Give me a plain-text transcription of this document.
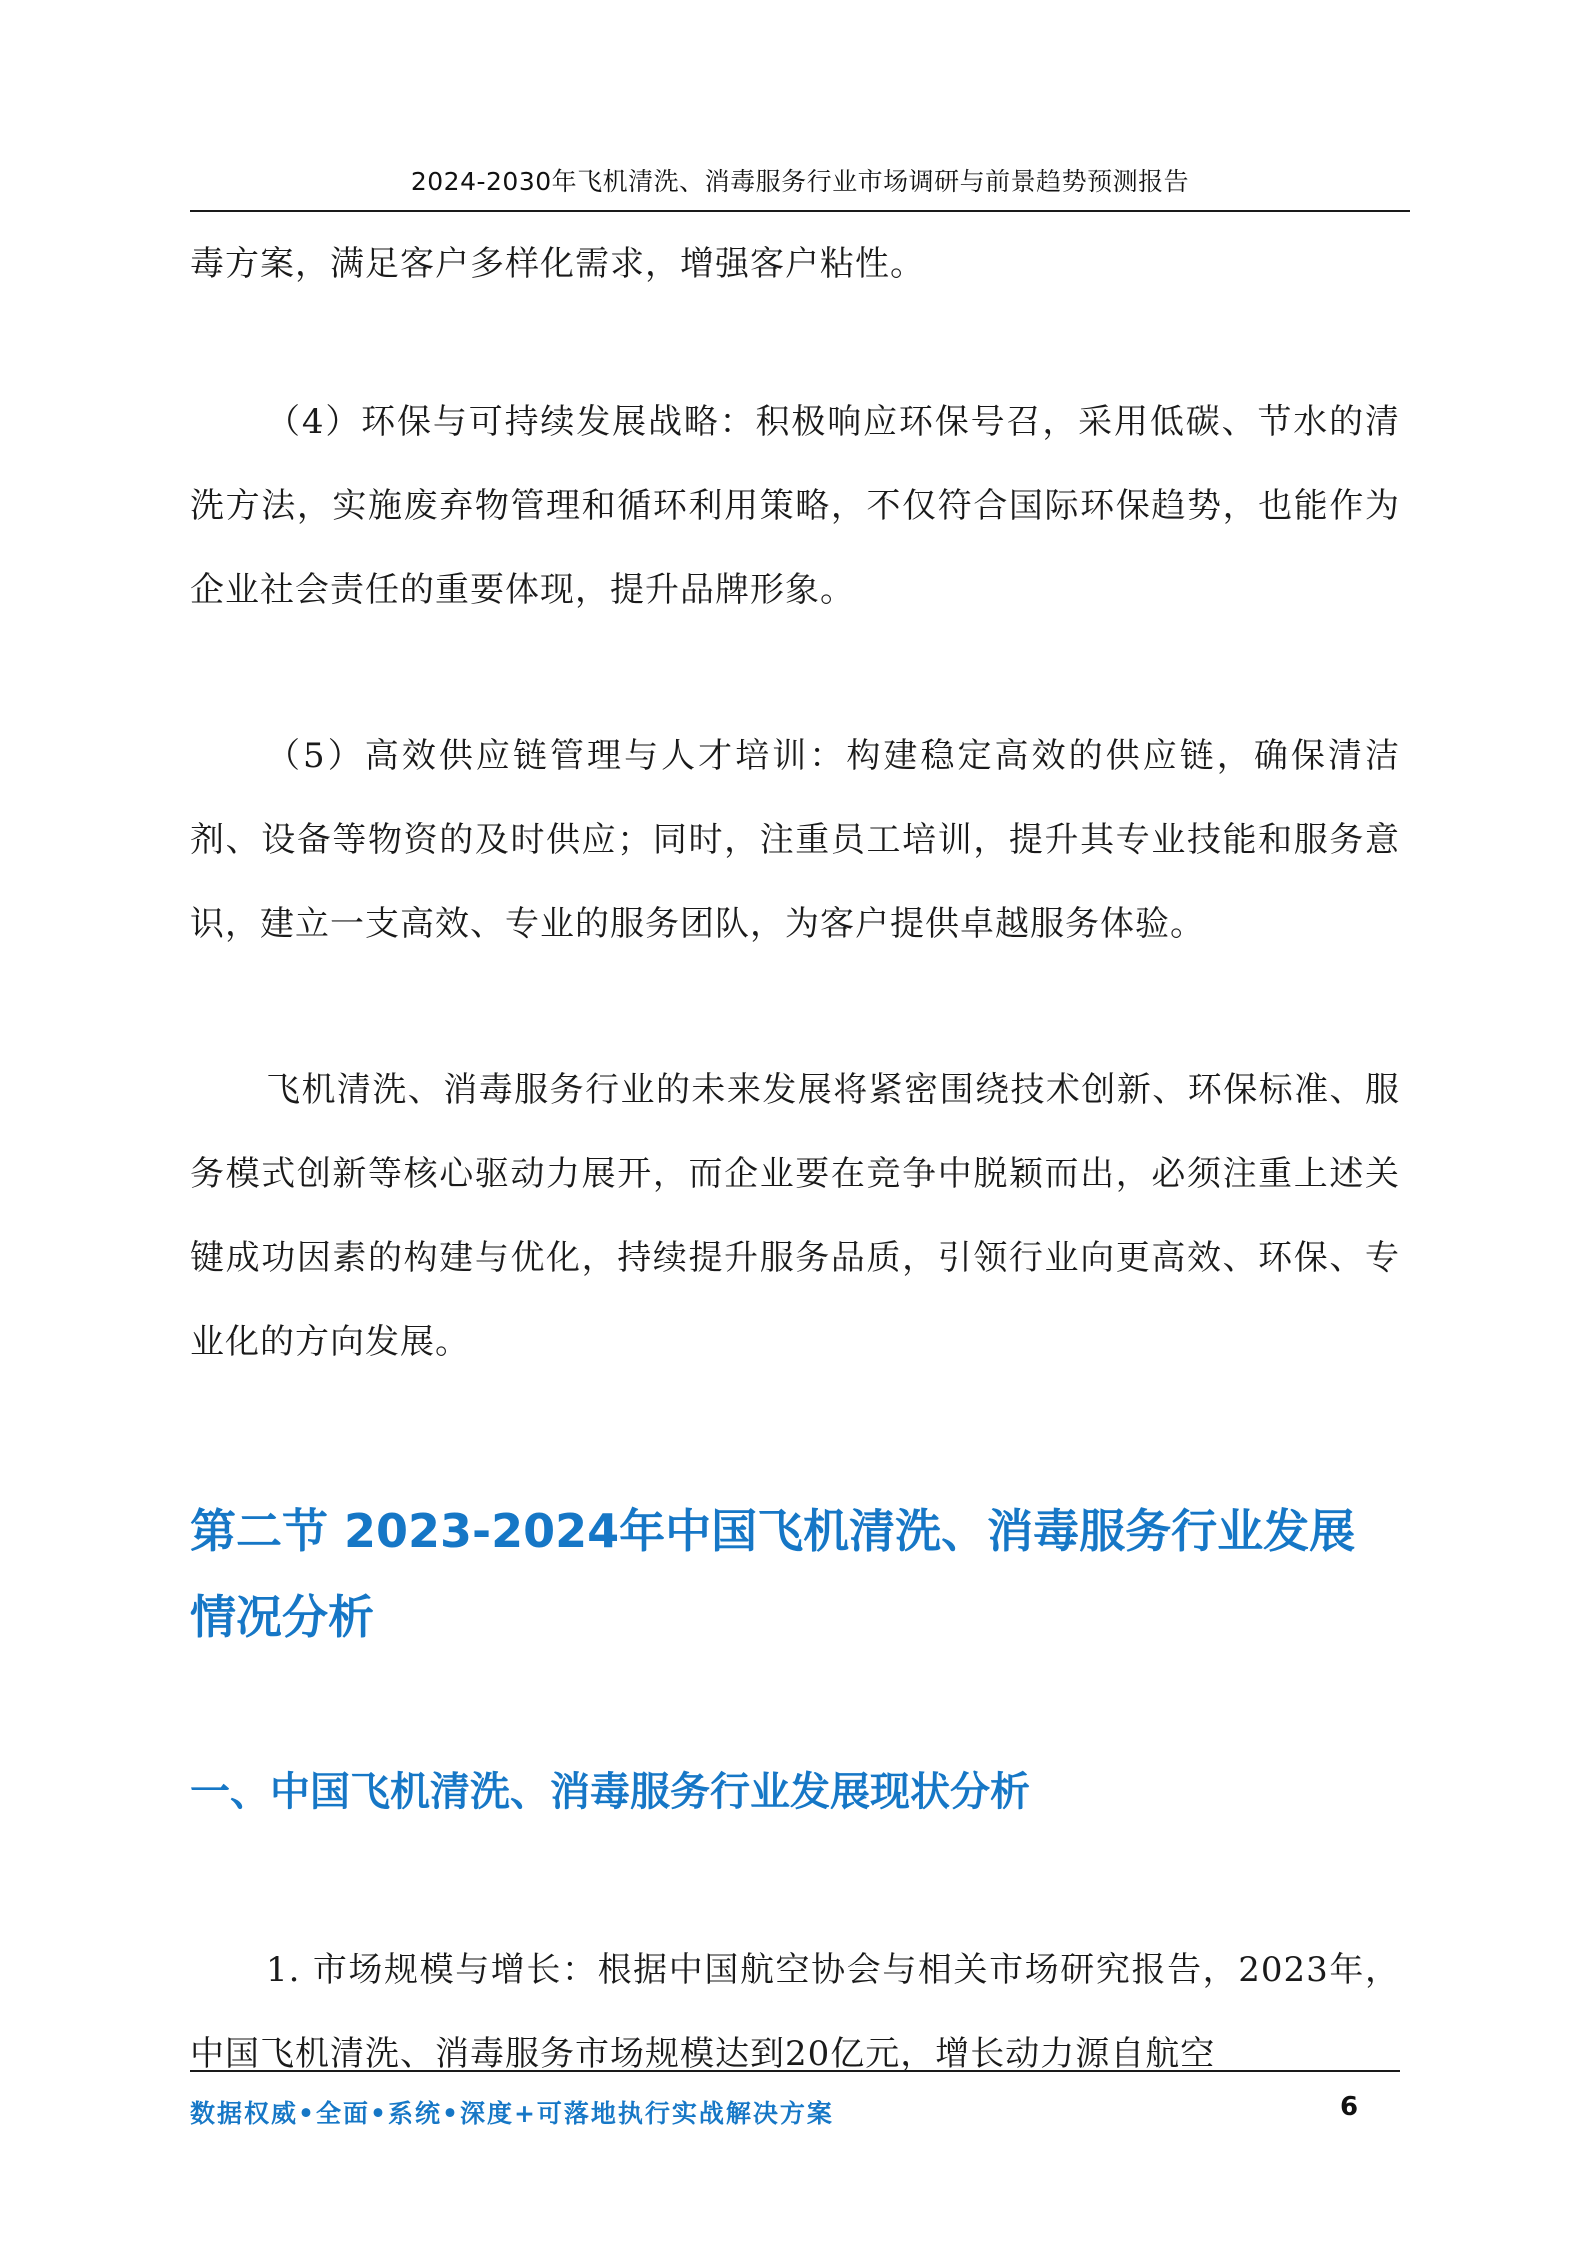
2024-2030年飞机清洗、消毒服务行业市场调研与前景趋势预测报告

毒方案，满足客户多样化需求，增强客户粘性。

（4）环保与可持续发展战略：积极响应环保号召，采用低碳、节水的清洗方法，实施废弃物管理和循环利用策略，不仅符合国际环保趋势，也能作为企业社会责任的重要体现，提升品牌形象。

（5）高效供应链管理与人才培训：构建稳定高效的供应链，确保清洁剂、设备等物资的及时供应；同时，注重员工培训，提升其专业技能和服务意识，建立一支高效、专业的服务团队，为客户提供卓越服务体验。

飞机清洗、消毒服务行业的未来发展将紧密围绕技术创新、环保标准、服务模式创新等核心驱动力展开，而企业要在竞争中脱颖而出，必须注重上述关键成功因素的构建与优化，持续提升服务品质，引领行业向更高效、环保、专业化的方向发展。

第二节 2023-2024年中国飞机清洗、消毒服务行业发展情况分析
一、中国飞机清洗、消毒服务行业发展现状分析

1. 市场规模与增长：根据中国航空协会与相关市场研究报告，2023年，中国飞机清洗、消毒服务市场规模达到20亿元，增长动力源自航空

数据权威•全面•系统•深度+可落地执行实战解决方案	6
